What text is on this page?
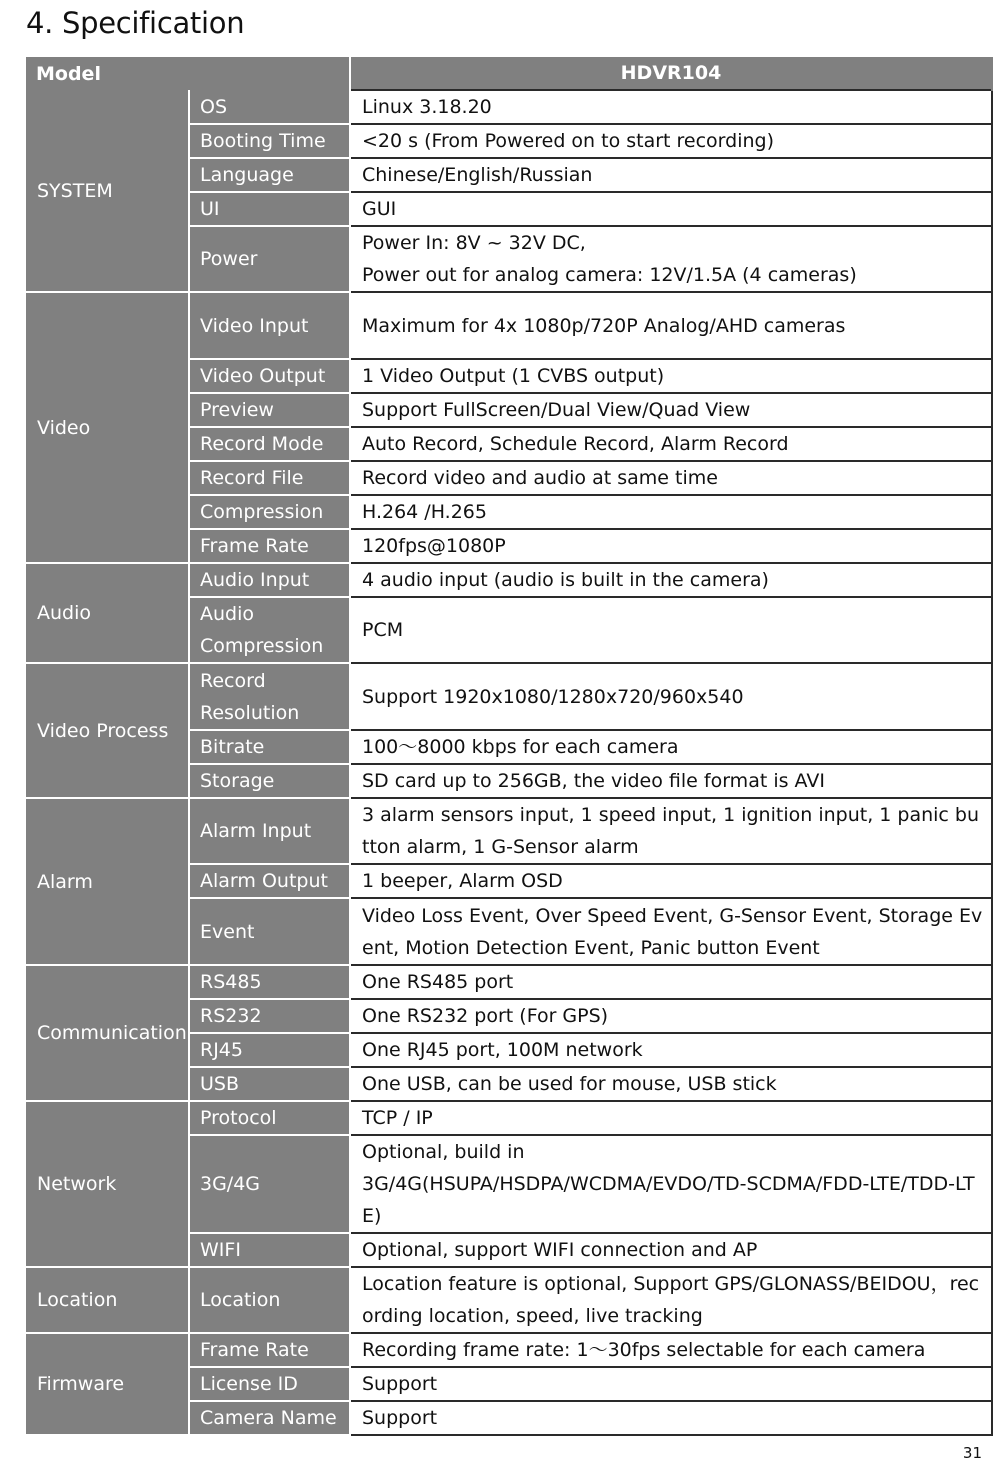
4. Specification
Model		HDVR104
SYSTEM	OS	Linux 3.18.20
	Booting Time	<20 s (From Powered on to start recording)
	Language	Chinese/English/Russian
	UI	GUI
	Power	Power In: 8V ~ 32V DC,
Power out for analog camera: 12V/1.5A (4 cameras)
Video	Video Input	Maximum for 4x 1080p/720P Analog/AHD cameras
	Video Output	1 Video Output (1 CVBS output)
	Preview	Support FullScreen/Dual View/Quad View
	Record Mode	Auto Record, Schedule Record, Alarm Record
	Record File	Record video and audio at same time
	Compression	H.264 /H.265
	Frame Rate	120fps@1080P
Audio	Audio Input	4 audio input (audio is built in the camera)
	Audio Compression	PCM
Video Process	Record Resolution	Support 1920x1080/1280x720/960x540
	Bitrate	100～8000 kbps for each camera
	Storage	SD card up to 256GB, the video file format is AVI
Alarm	Alarm Input	3 alarm sensors input, 1 speed input, 1 ignition input, 1 panic button alarm, 1 G-Sensor alarm
	Alarm Output	1 beeper, Alarm OSD
	Event	Video Loss Event, Over Speed Event, G-Sensor Event, Storage Event, Motion Detection Event, Panic button Event
Communication	RS485	One RS485 port
	RS232	One RS232 port (For GPS)
	RJ45	One RJ45 port, 100M network
	USB	One USB, can be used for mouse, USB stick
Network	Protocol	TCP / IP
	3G/4G	Optional, build in
3G/4G(HSUPA/HSDPA/WCDMA/EVDO/TD-SCDMA/FDD-LTE/TDD-LTE)
	WIFI	Optional, support WIFI connection and AP
Location	Location	Location feature is optional, Support GPS/GLONASS/BEIDOU，recording location, speed, live tracking
Firmware	Frame Rate	Recording frame rate: 1～30fps selectable for each camera
	License ID	Support
	Camera Name	Support
31
